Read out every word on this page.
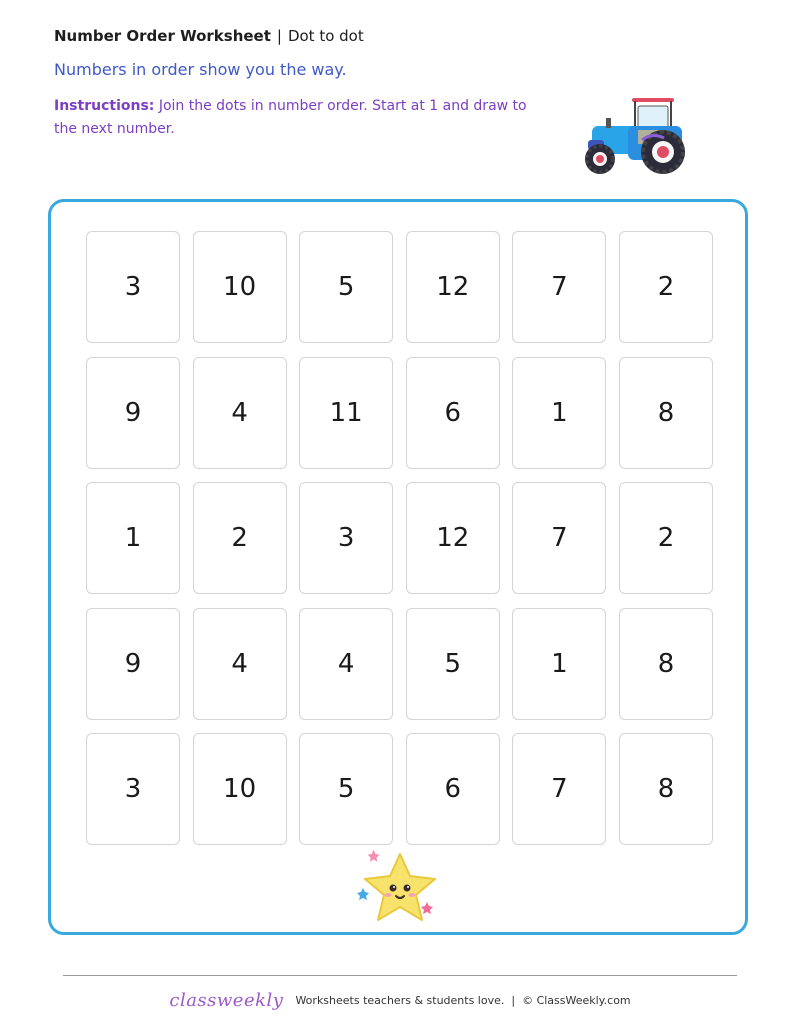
Number Order Worksheet | Dot to dot
Numbers in order show you the way.
Instructions: Join the dots in number order. Start at 1 and draw to the next number.
3	10	5	12	7	2
9	4	11	6	1	8
1	2	3	12	7	2
9	4	4	5	1	8
3	10	5	6	7	8
classweekly Worksheets teachers & students love. | © ClassWeekly.com
